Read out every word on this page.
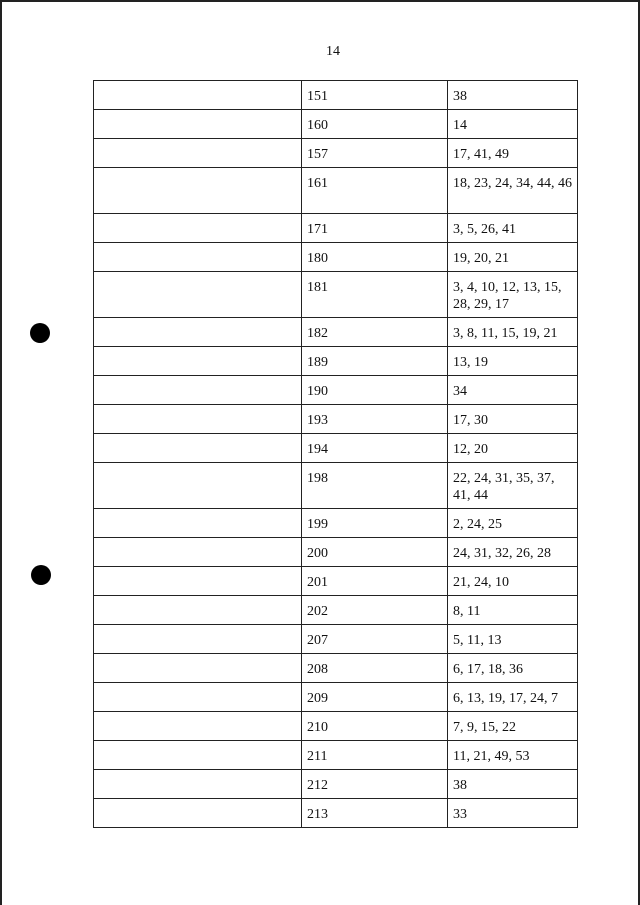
14
	151	38
	160	14
	157	17, 41, 49
	161	18, 23, 24, 34, 44, 46
	171	3, 5, 26, 41
	180	19, 20, 21
	181	3, 4, 10, 12, 13, 15, 28, 29, 17
	182	3, 8, 11, 15, 19, 21
	189	13, 19
	190	34
	193	17, 30
	194	12, 20
	198	22, 24, 31, 35, 37, 41, 44
	199	2, 24, 25
	200	24, 31, 32, 26, 28
	201	21, 24, 10
	202	8, 11
	207	5, 11, 13
	208	6, 17, 18, 36
	209	6, 13, 19, 17, 24, 7
	210	7, 9, 15, 22
	211	11, 21, 49, 53
	212	38
	213	33
